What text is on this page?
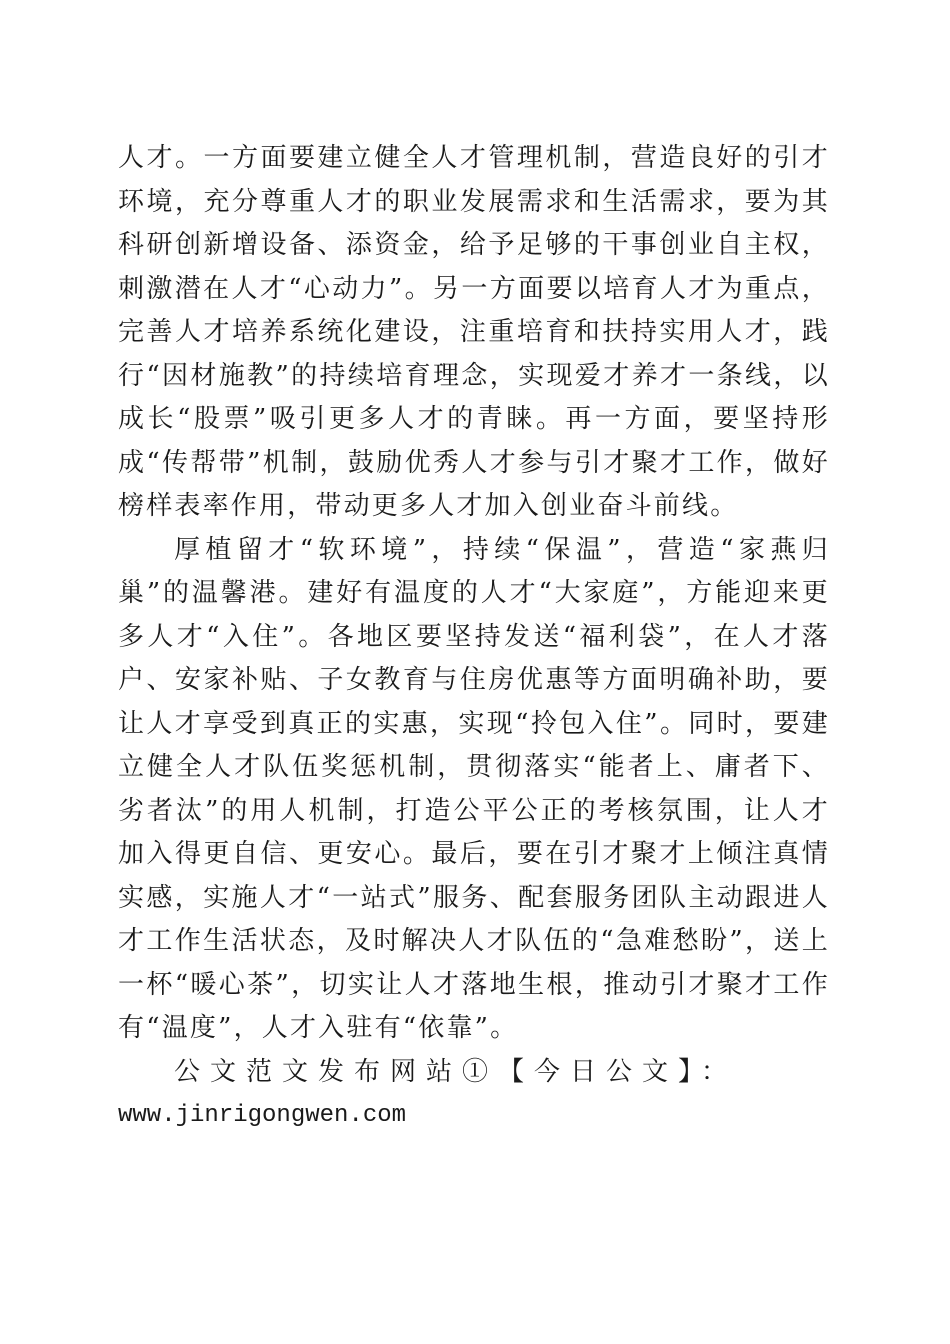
人才。一方面要建立健全人才管理机制，营造良好的引才环境，充分尊重人才的职业发展需求和生活需求，要为其科研创新增设备、添资金，给予足够的干事创业自主权，刺激潜在人才“心动力”。另一方面要以培育人才为重点，完善人才培养系统化建设，注重培育和扶持实用人才，践行“因材施教”的持续培育理念，实现爱才养才一条线，以成长“股票”吸引更多人才的青睐。再一方面，要坚持形成“传帮带”机制，鼓励优秀人才参与引才聚才工作，做好榜样表率作用，带动更多人才加入创业奋斗前线。

厚植留才“软环境”，持续“保温”，营造“家燕归巢”的温馨港。建好有温度的人才“大家庭”，方能迎来更多人才“入住”。各地区要坚持发送“福利袋”，在人才落户、安家补贴、子女教育与住房优惠等方面明确补助，要让人才享受到真正的实惠，实现“拎包入住”。同时，要建立健全人才队伍奖惩机制，贯彻落实“能者上、庸者下、劣者汰”的用人机制，打造公平公正的考核氛围，让人才加入得更自信、更安心。最后，要在引才聚才上倾注真情实感，实施人才“一站式”服务、配套服务团队主动跟进人才工作生活状态，及时解决人才队伍的“急难愁盼”，送上一杯“暖心茶”，切实让人才落地生根，推动引才聚才工作有“温度”，人才入驻有“依靠”。

公文范文发布网站①【今日公文】：

www.jinrigongwen.com
